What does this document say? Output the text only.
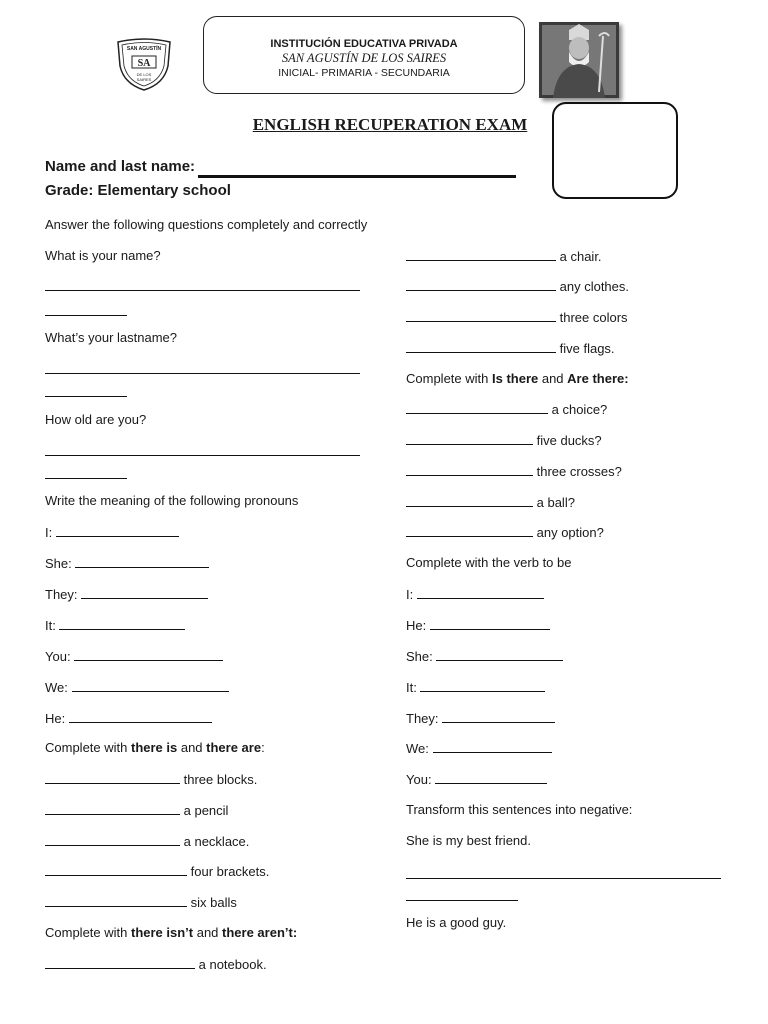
SA
SAN AGUSTÍN
DE LOS
SAIRES
INSTITUCIÓN EDUCATIVA PRIVADA
SAN AGUSTÍN DE LOS SAIRES
INICIAL- PRIMARIA - SECUNDARIA
ENGLISH RECUPERATION EXAM
Name and last name:
Grade: Elementary school
Answer the following questions completely and correctly
What is your name?
What’s your lastname?
How old are you?
Write the meaning of the following pronouns
I:
She:
They:
It:
You:
We:
He:
Complete with there is and there are:
three blocks.
a pencil
a necklace.
four brackets.
six balls
Complete with there isn’t and there aren’t:
a notebook.
a chair.
any clothes.
three colors
five flags.
Complete with Is there and Are there:
a choice?
five ducks?
three crosses?
a ball?
any option?
Complete with the verb to be
I:
He:
She:
It:
They:
We:
You:
Transform this sentences into negative:
She is my best friend.
He is a good guy.
